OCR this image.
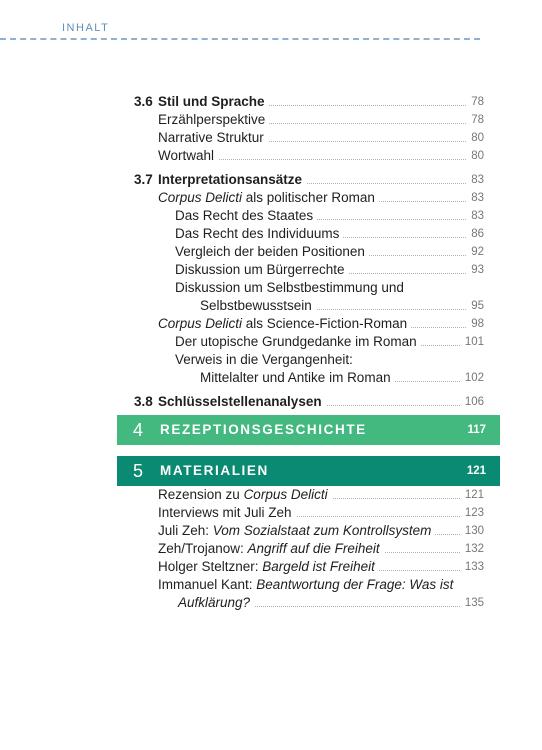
INHALT
3.6 Stil und Sprache	78
Erzählperspektive	78
Narrative Struktur	80
Wortwahl	80
3.7 Interpretationsansätze	83
Corpus Delicti als politischer Roman	83
Das Recht des Staates	83
Das Recht des Individuums	86
Vergleich der beiden Positionen	92
Diskussion um Bürgerrechte	93
Diskussion um Selbstbestimmung und
Selbstbewusstsein	95
Corpus Delicti als Science-Fiction-Roman	98
Der utopische Grundgedanke im Roman	101
Verweis in die Vergangenheit:
Mittelalter und Antike im Roman	102
3.8 Schlüsselstellenanalysen	106
4 REZEPTIONSGESCHICHTE	117
5 MATERIALIEN	121
Rezension zu Corpus Delicti	121
Interviews mit Juli Zeh	123
Juli Zeh: Vom Sozialstaat zum Kontrollsystem	130
Zeh/Trojanow: Angriff auf die Freiheit	132
Holger Steltzner: Bargeld ist Freiheit	133
Immanuel Kant: Beantwortung der Frage: Was ist
Aufklärung?	135
